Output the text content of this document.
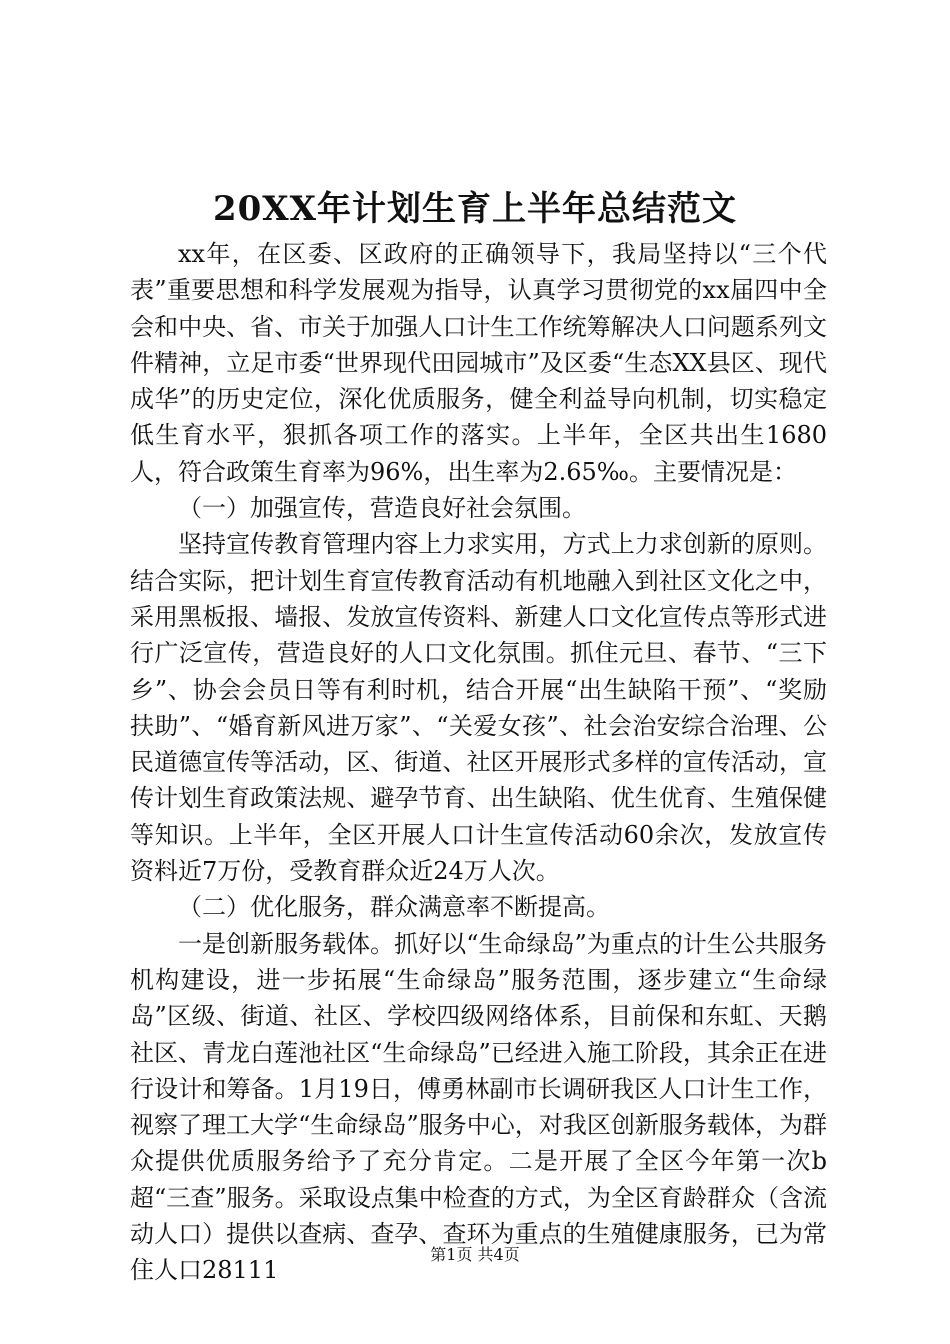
20XX年计划生育上半年总结范文

xx年，在区委、区政府的正确领导下，我局坚持以“三个代表”重要思想和科学发展观为指导，认真学习贯彻党的xx届四中全会和中央、省、市关于加强人口计生工作统筹解决人口问题系列文件精神，立足市委“世界现代田园城市”及区委“生态XX县区、现代成华”的历史定位，深化优质服务，健全利益导向机制，切实稳定低生育水平，狠抓各项工作的落实。上半年，全区共出生1680人，符合政策生育率为96%，出生率为2.65‰。主要情况是：

（一）加强宣传，营造良好社会氛围。

坚持宣传教育管理内容上力求实用，方式上力求创新的原则。结合实际，把计划生育宣传教育活动有机地融入到社区文化之中，采用黑板报、墙报、发放宣传资料、新建人口文化宣传点等形式进行广泛宣传，营造良好的人口文化氛围。抓住元旦、春节、“三下乡”、协会会员日等有利时机，结合开展“出生缺陷干预”、“奖励扶助”、“婚育新风进万家”、“关爱女孩”、社会治安综合治理、公民道德宣传等活动，区、街道、社区开展形式多样的宣传活动，宣传计划生育政策法规、避孕节育、出生缺陷、优生优育、生殖保健等知识。上半年，全区开展人口计生宣传活动60余次，发放宣传资料近7万份，受教育群众近24万人次。

（二）优化服务，群众满意率不断提高。

一是创新服务载体。抓好以“生命绿岛”为重点的计生公共服务机构建设，进一步拓展“生命绿岛”服务范围，逐步建立“生命绿岛”区级、街道、社区、学校四级网络体系，目前保和东虹、天鹅社区、青龙白莲池社区“生命绿岛”已经进入施工阶段，其余正在进行设计和筹备。1月19日，傅勇林副市长调研我区人口计生工作，视察了理工大学“生命绿岛”服务中心，对我区创新服务载体，为群众提供优质服务给予了充分肯定。二是开展了全区今年第一次b超“三查”服务。采取设点集中检查的方式，为全区育龄群众（含流动人口）提供以查病、查孕、查环为重点的生殖健康服务，已为常住人口28111

第1页 共4页
